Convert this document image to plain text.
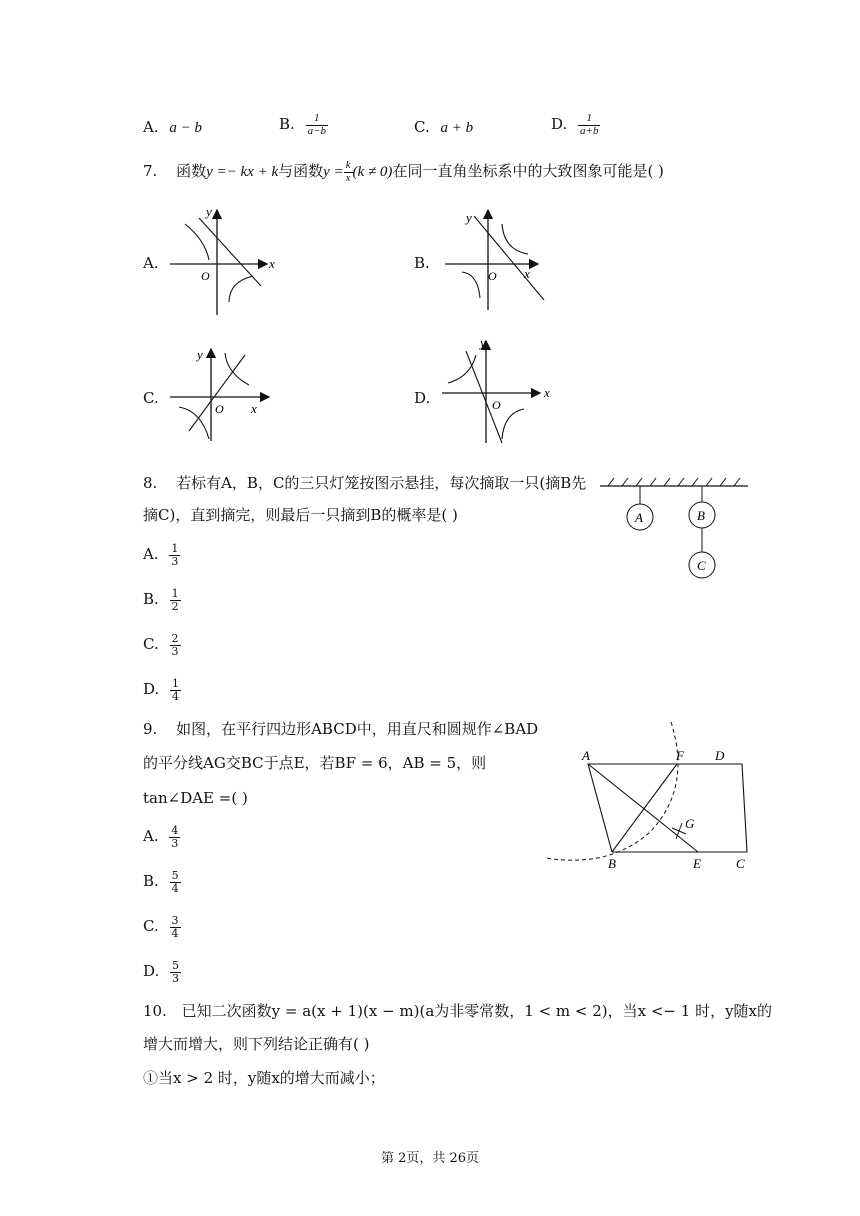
A. a − b	B. $\frac{1}{a-b}$	C. a + b	D. $\frac{1}{a+b}$
7. 函数y =− kx + k与函数$y = \frac{k}{x} (k \ne 0)$在同一直角坐标系中的大致图象可能是( )
A.	B.
C.	D.
x
y
O	x
y
O
x
y
O
x
y
O
8. 若标有A，B，C的三只灯笼按图示悬挂，每次摘取一只(摘B先
摘C)，直到摘完，则最后一只摘到B的概率是( )
A. $\frac{1}{3}$
B. $\frac{1}{2}$
C. $\frac{2}{3}$
D. $\frac{1}{4}$
A	B
C
9. 如图，在平行四边形ABCD中，用直尺和圆规作∠BAD
的平分线AG交BC于点E，若BF = 6，AB = 5，则
tan∠DAE =( )
A. $\frac{4}{3}$
B. $\frac{5}{4}$
C. $\frac{3}{4}$
D. $\frac{5}{3}$
A	F D
G
B	E	C
10. 已知二次函数y = a(x + 1)(x − m)(a为非零常数，1 < m < 2)，当x <− 1 时，y随x的
增大而增大，则下列结论正确有( )
①当x > 2 时，y随x的增大而减小；
第 2页，共 26页
